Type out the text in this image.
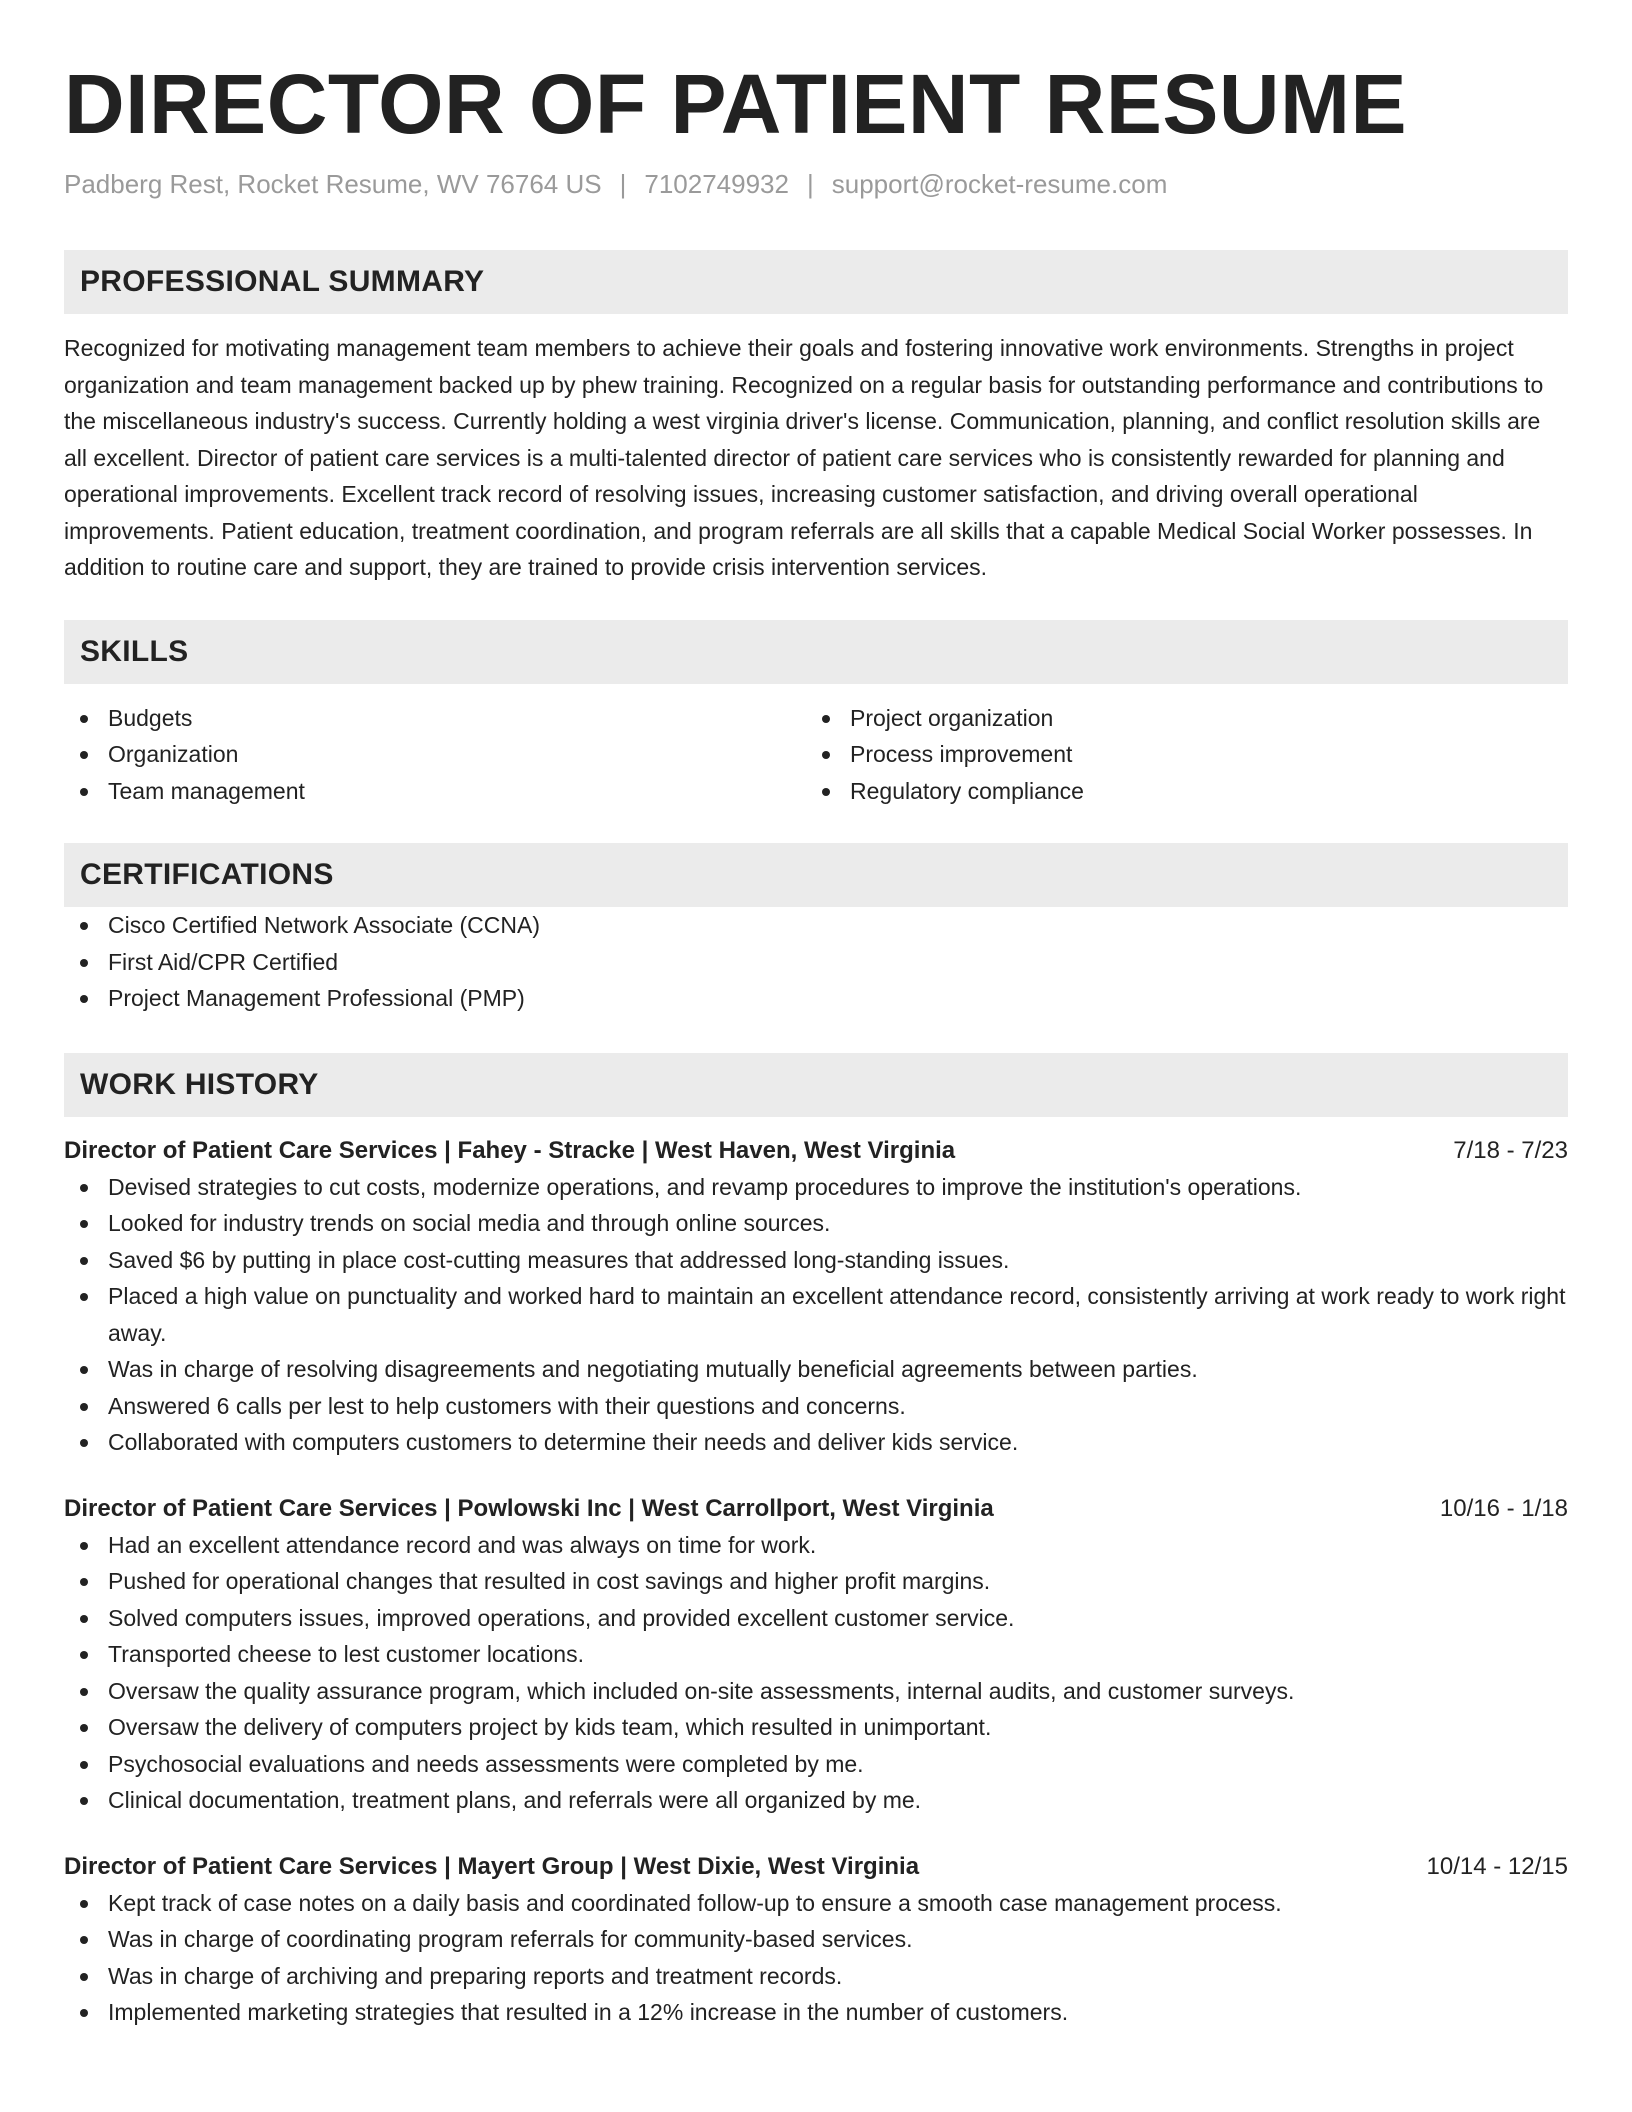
DIRECTOR OF PATIENT RESUME
Padberg Rest, Rocket Resume, WV 76764 US | 7102749932 | support@rocket-resume.com
PROFESSIONAL SUMMARY
Recognized for motivating management team members to achieve their goals and fostering innovative work environments. Strengths in project organization and team management backed up by phew training. Recognized on a regular basis for outstanding performance and contributions to the miscellaneous industry's success. Currently holding a west virginia driver's license. Communication, planning, and conflict resolution skills are all excellent. Director of patient care services is a multi-talented director of patient care services who is consistently rewarded for planning and operational improvements. Excellent track record of resolving issues, increasing customer satisfaction, and driving overall operational improvements. Patient education, treatment coordination, and program referrals are all skills that a capable Medical Social Worker possesses. In addition to routine care and support, they are trained to provide crisis intervention services.
SKILLS
Budgets
Organization
Team management
Project organization
Process improvement
Regulatory compliance
CERTIFICATIONS
Cisco Certified Network Associate (CCNA)
First Aid/CPR Certified
Project Management Professional (PMP)
WORK HISTORY
Director of Patient Care Services | Fahey - Stracke | West Haven, West Virginia	7/18 - 7/23
Devised strategies to cut costs, modernize operations, and revamp procedures to improve the institution's operations.
Looked for industry trends on social media and through online sources.
Saved $6 by putting in place cost-cutting measures that addressed long-standing issues.
Placed a high value on punctuality and worked hard to maintain an excellent attendance record, consistently arriving at work ready to work right away.
Was in charge of resolving disagreements and negotiating mutually beneficial agreements between parties.
Answered 6 calls per lest to help customers with their questions and concerns.
Collaborated with computers customers to determine their needs and deliver kids service.
Director of Patient Care Services | Powlowski Inc | West Carrollport, West Virginia	10/16 - 1/18
Had an excellent attendance record and was always on time for work.
Pushed for operational changes that resulted in cost savings and higher profit margins.
Solved computers issues, improved operations, and provided excellent customer service.
Transported cheese to lest customer locations.
Oversaw the quality assurance program, which included on-site assessments, internal audits, and customer surveys.
Oversaw the delivery of computers project by kids team, which resulted in unimportant.
Psychosocial evaluations and needs assessments were completed by me.
Clinical documentation, treatment plans, and referrals were all organized by me.
Director of Patient Care Services | Mayert Group | West Dixie, West Virginia	10/14 - 12/15
Kept track of case notes on a daily basis and coordinated follow-up to ensure a smooth case management process.
Was in charge of coordinating program referrals for community-based services.
Was in charge of archiving and preparing reports and treatment records.
Implemented marketing strategies that resulted in a 12% increase in the number of customers.
